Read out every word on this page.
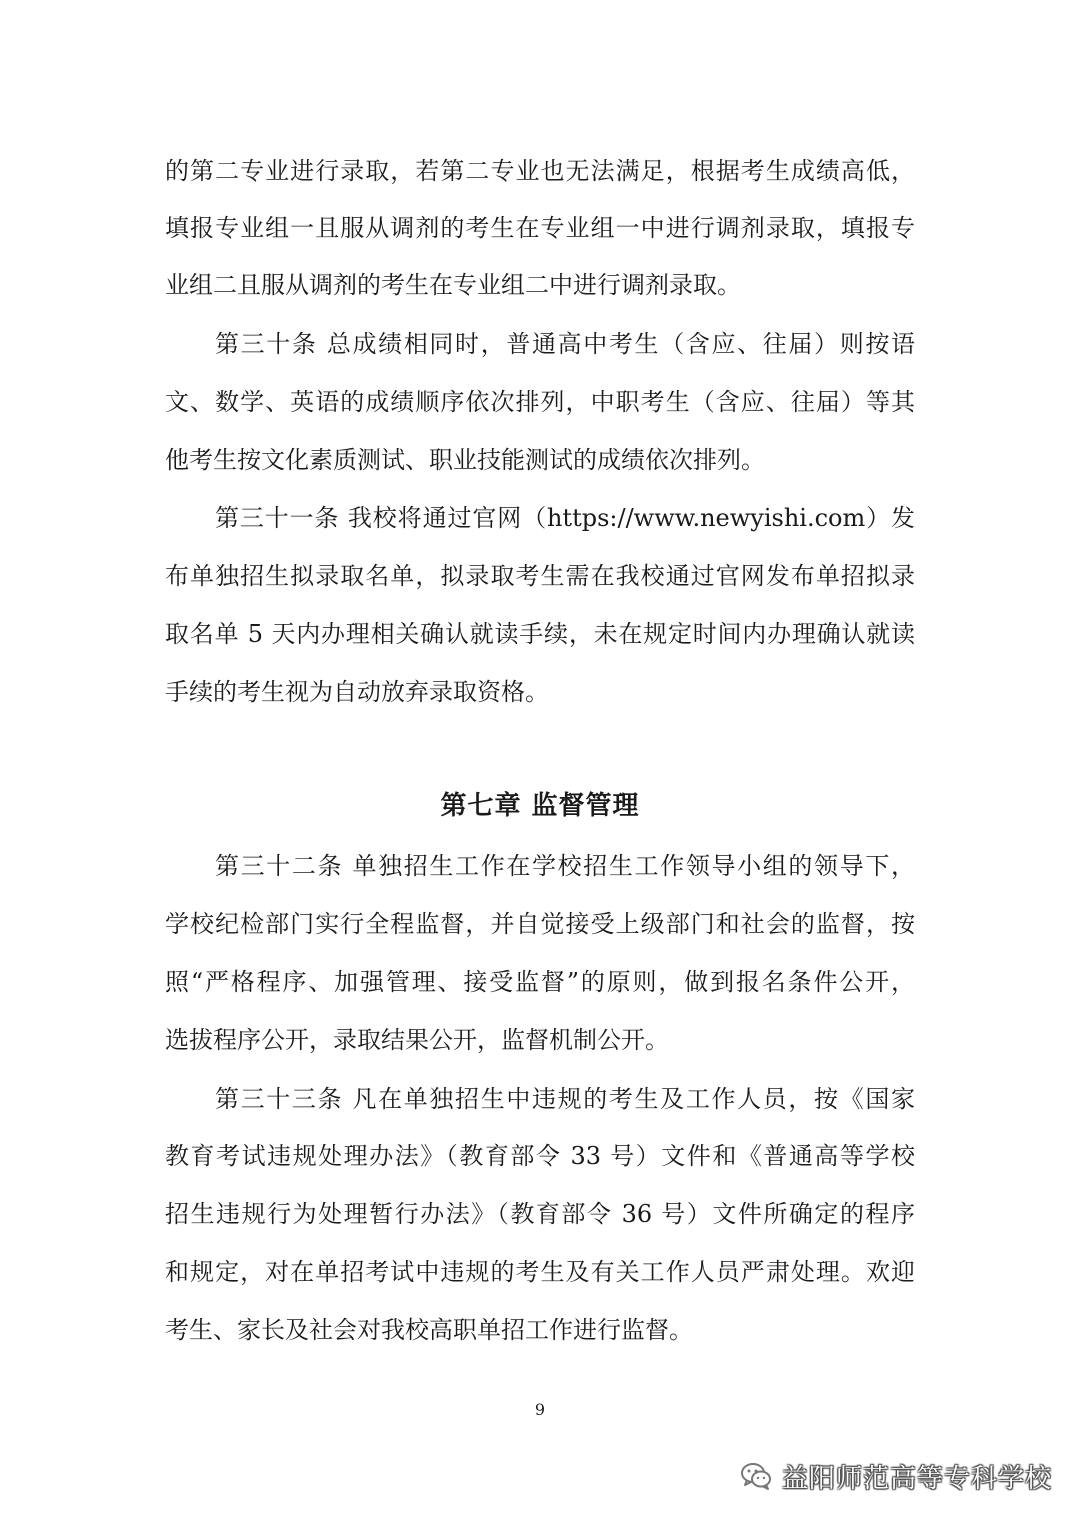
的第二专业进行录取，若第二专业也无法满足，根据考生成绩高低，
填报专业组一且服从调剂的考生在专业组一中进行调剂录取，填报专
业组二且服从调剂的考生在专业组二中进行调剂录取。
第三十条 总成绩相同时，普通高中考生（含应、往届）则按语
文、数学、英语的成绩顺序依次排列，中职考生（含应、往届）等其
他考生按文化素质测试、职业技能测试的成绩依次排列。
第三十一条 我校将通过官网（https://www.newyishi.com）发
布单独招生拟录取名单，拟录取考生需在我校通过官网发布单招拟录
取名单 5 天内办理相关确认就读手续，未在规定时间内办理确认就读
手续的考生视为自动放弃录取资格。
第七章 监督管理
第三十二条 单独招生工作在学校招生工作领导小组的领导下，
学校纪检部门实行全程监督，并自觉接受上级部门和社会的监督，按
照“严格程序、加强管理、接受监督”的原则，做到报名条件公开，
选拔程序公开，录取结果公开，监督机制公开。
第三十三条 凡在单独招生中违规的考生及工作人员，按《国家
教育考试违规处理办法》（教育部令 33 号）文件和《普通高等学校
招生违规行为处理暂行办法》（教育部令 36 号）文件所确定的程序
和规定，对在单招考试中违规的考生及有关工作人员严肃处理。欢迎
考生、家长及社会对我校高职单招工作进行监督。
9
益阳师范高等专科学校
